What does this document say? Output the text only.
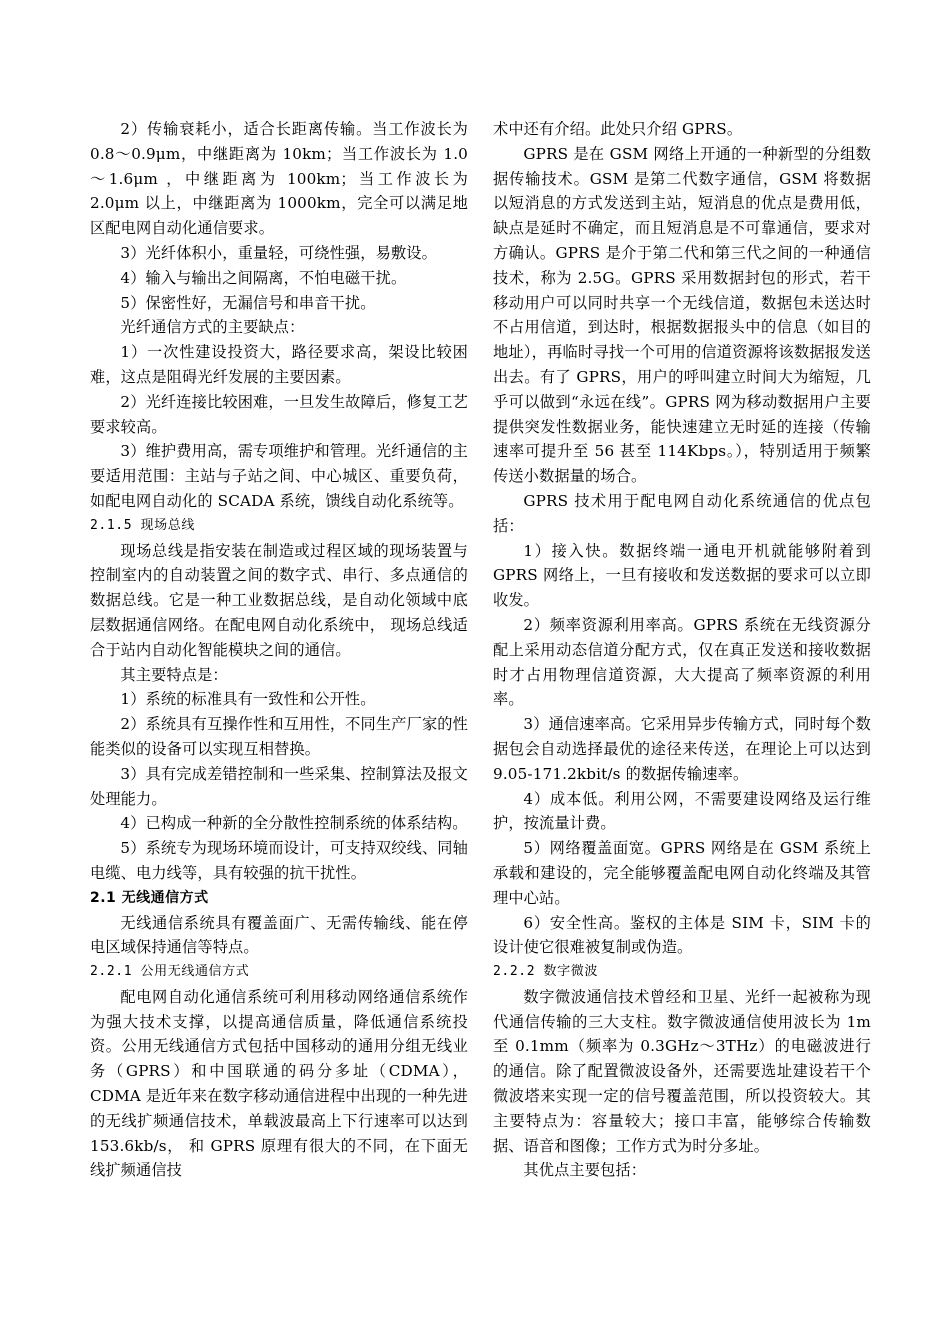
2）传输衰耗小，适合长距离传输。当工作波长为 0.8～0.9μm，中继距离为 10km；当工作波长为 1.0～1.6μm ，中继距离为 100km；当工作波长为 2.0μm 以上，中继距离为 1000km，完全可以满足地区配电网自动化通信要求。

3）光纤体积小，重量轻，可绕性强，易敷设。

4）输入与输出之间隔离，不怕电磁干扰。

5）保密性好，无漏信号和串音干扰。

光纤通信方式的主要缺点：

1）一次性建设投资大，路径要求高，架设比较困难，这点是阻碍光纤发展的主要因素。

2）光纤连接比较困难，一旦发生故障后，修复工艺要求较高。

3）维护费用高，需专项维护和管理。光纤通信的主要适用范围：主站与子站之间、中心城区、重要负荷，如配电网自动化的 SCADA 系统，馈线自动化系统等。

2.1.5 现场总线

现场总线是指安装在制造或过程区域的现场装置与控制室内的自动装置之间的数字式、串行、多点通信的数据总线。它是一种工业数据总线，是自动化领域中底层数据通信网络。在配电网自动化系统中， 现场总线适合于站内自动化智能模块之间的通信。

其主要特点是：

1）系统的标准具有一致性和公开性。

2）系统具有互操作性和互用性，不同生产厂家的性能类似的设备可以实现互相替换。

3）具有完成差错控制和一些采集、控制算法及报文处理能力。

4）已构成一种新的全分散性控制系统的体系结构。

5）系统专为现场环境而设计，可支持双绞线、同轴电缆、电力线等，具有较强的抗干扰性。

2.1 无线通信方式

无线通信系统具有覆盖面广、无需传输线、能在停电区域保持通信等特点。

2.2.1 公用无线通信方式

配电网自动化通信系统可利用移动网络通信系统作为强大技术支撑，以提高通信质量，降低通信系统投资。公用无线通信方式包括中国移动的通用分组无线业务（GPRS）和中国联通的码分多址（CDMA），CDMA 是近年来在数字移动通信进程中出现的一种先进的无线扩频通信技术，单载波最高上下行速率可以达到 153.6kb/s， 和 GPRS 原理有很大的不同，在下面无线扩频通信技

术中还有介绍。此处只介绍 GPRS。

GPRS 是在 GSM 网络上开通的一种新型的分组数据传输技术。GSM 是第二代数字通信，GSM 将数据以短消息的方式发送到主站，短消息的优点是费用低，缺点是延时不确定，而且短消息是不可靠通信，要求对方确认。GPRS 是介于第二代和第三代之间的一种通信技术，称为 2.5G。GPRS 采用数据封包的形式，若干移动用户可以同时共享一个无线信道，数据包未送达时不占用信道，到达时，根据数据报头中的信息（如目的地址），再临时寻找一个可用的信道资源将该数据报发送出去。有了 GPRS，用户的呼叫建立时间大为缩短，几乎可以做到“永远在线”。GPRS 网为移动数据用户主要提供突发性数据业务，能快速建立无时延的连接（传输速率可提升至 56 甚至 114Kbps。），特别适用于频繁传送小数据量的场合。

GPRS 技术用于配电网自动化系统通信的优点包括：

1）接入快。数据终端一通电开机就能够附着到 GPRS 网络上，一旦有接收和发送数据的要求可以立即收发。

2）频率资源利用率高。GPRS 系统在无线资源分配上采用动态信道分配方式，仅在真正发送和接收数据时才占用物理信道资源，大大提高了频率资源的利用率。

3）通信速率高。它采用异步传输方式，同时每个数据包会自动选择最优的途径来传送，在理论上可以达到 9.05-171.2kbit/s 的数据传输速率。

4）成本低。利用公网，不需要建设网络及运行维护，按流量计费。

5）网络覆盖面宽。GPRS 网络是在 GSM 系统上承载和建设的，完全能够覆盖配电网自动化终端及其管理中心站。

6）安全性高。鉴权的主体是 SIM 卡，SIM 卡的设计使它很难被复制或伪造。

2.2.2 数字微波

数字微波通信技术曾经和卫星、光纤一起被称为现代通信传输的三大支柱。数字微波通信使用波长为 1m 至 0.1mm（频率为 0.3GHz～3THz）的电磁波进行的通信。除了配置微波设备外，还需要选址建设若干个微波塔来实现一定的信号覆盖范围，所以投资较大。其主要特点为：容量较大；接口丰富，能够综合传输数据、语音和图像；工作方式为时分多址。

其优点主要包括：
